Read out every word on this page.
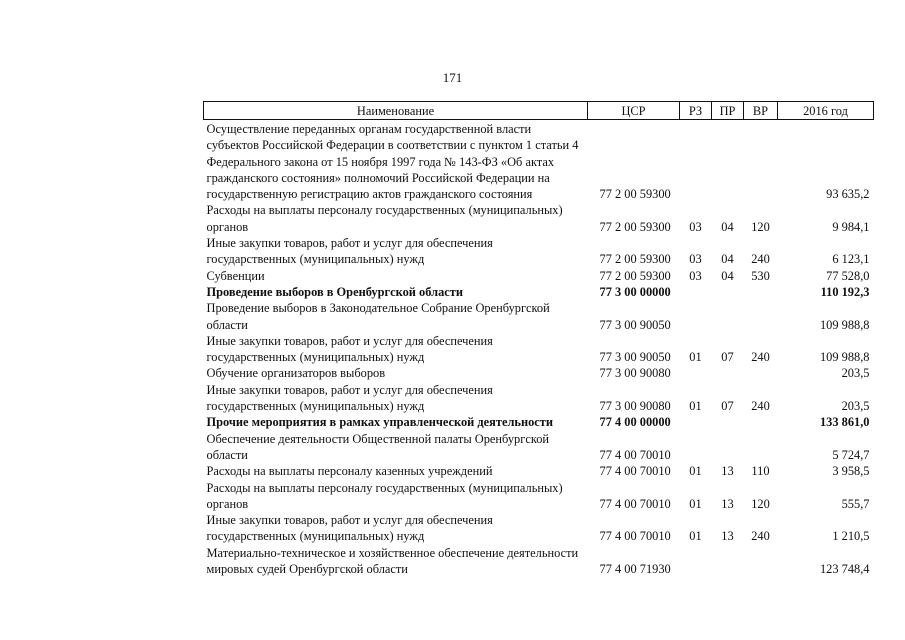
171
Наименование	ЦСР	РЗ	ПР	ВР	2016 год
Осуществление переданных органам государственной власти субъектов Российской Федерации в соответствии с пунктом 1 статьи 4 Федерального закона от 15 ноября 1997 года № 143-ФЗ «Об актах гражданского состояния» полномочий Российской Федерации на государственную регистрацию актов гражданского состояния	77 2 00 59300				93 635,2
Расходы на выплаты персоналу государственных (муниципальных) органов	77 2 00 59300	03	04	120	9 984,1
Иные закупки товаров, работ и услуг для обеспечения государственных (муниципальных) нужд	77 2 00 59300	03	04	240	6 123,1
Субвенции	77 2 00 59300	03	04	530	77 528,0
Проведение выборов в Оренбургской области	77 3 00 00000				110 192,3
Проведение выборов в Законодательное Собрание Оренбургской области	77 3 00 90050				109 988,8
Иные закупки товаров, работ и услуг для обеспечения государственных (муниципальных) нужд	77 3 00 90050	01	07	240	109 988,8
Обучение организаторов выборов	77 3 00 90080				203,5
Иные закупки товаров, работ и услуг для обеспечения государственных (муниципальных) нужд	77 3 00 90080	01	07	240	203,5
Прочие мероприятия в рамках управленческой деятельности	77 4 00 00000				133 861,0
Обеспечение деятельности Общественной палаты Оренбургской области	77 4 00 70010				5 724,7
Расходы на выплаты персоналу казенных учреждений	77 4 00 70010	01	13	110	3 958,5
Расходы на выплаты персоналу государственных (муниципальных) органов	77 4 00 70010	01	13	120	555,7
Иные закупки товаров, работ и услуг для обеспечения государственных (муниципальных) нужд	77 4 00 70010	01	13	240	1 210,5
Материально-техническое и хозяйственное обеспечение деятельности мировых судей Оренбургской области	77 4 00 71930				123 748,4
